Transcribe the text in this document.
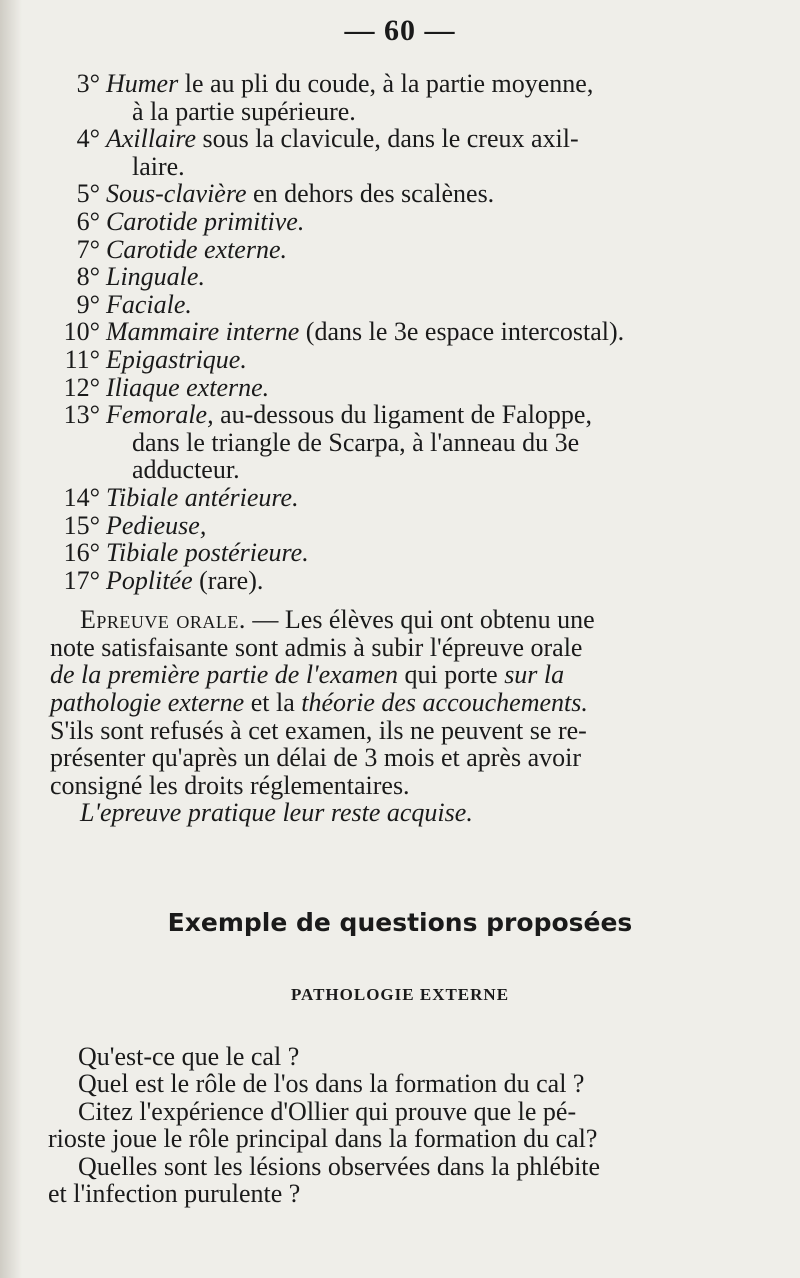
— 60 —
3° Humer le au pli du coude, à la partie moyenne,
à la partie supérieure.
4° Axillaire sous la clavicule, dans le creux axil-
laire.
5° Sous-clavière en dehors des scalènes.
6° Carotide primitive.
7° Carotide externe.
8° Linguale.
9° Faciale.
10° Mammaire interne (dans le 3e espace intercostal).
11° Epigastrique.
12° Iliaque externe.
13° Femorale, au-dessous du ligament de Faloppe,
dans le triangle de Scarpa, à l'anneau du 3e
adducteur.
14° Tibiale antérieure.
15° Pedieuse,
16° Tibiale postérieure.
17° Poplitée (rare).
Epreuve orale. — Les élèves qui ont obtenu une
note satisfaisante sont admis à subir l'épreuve orale
de la première partie de l'examen qui porte sur la
pathologie externe et la théorie des accouchements.
S'ils sont refusés à cet examen, ils ne peuvent se re-
présenter qu'après un délai de 3 mois et après avoir
consigné les droits réglementaires.
L'epreuve pratique leur reste acquise.
Exemple de questions proposées
PATHOLOGIE EXTERNE
Qu'est-ce que le cal ?
Quel est le rôle de l'os dans la formation du cal ?
Citez l'expérience d'Ollier qui prouve que le pé-
rioste joue le rôle principal dans la formation du cal?
Quelles sont les lésions observées dans la phlébite
et l'infection purulente ?
